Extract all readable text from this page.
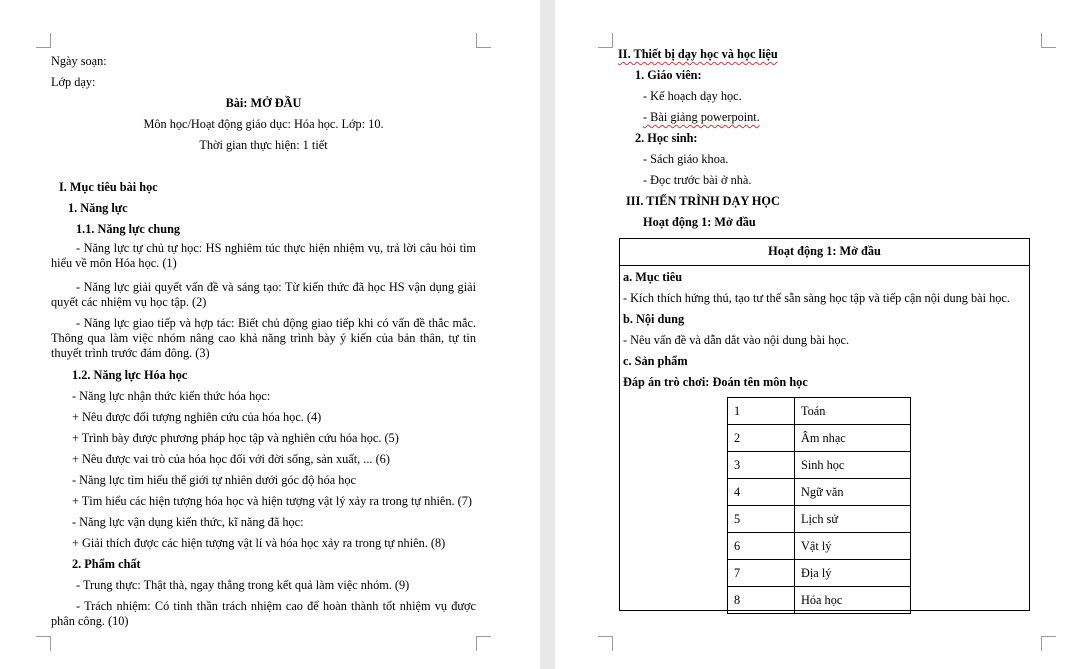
Ngày soạn:
Lớp dạy:
Bài: MỞ ĐẦU
Môn học/Hoạt động giáo dục: Hóa học. Lớp: 10.
Thời gian thực hiện: 1 tiết
I. Mục tiêu bài học
1. Năng lực
1.1. Năng lực chung
- Năng lực tự chủ tự học: HS nghiêm túc thực hiện nhiệm vụ, trả lời câu hỏi tìm hiểu về môn Hóa học. (1)
- Năng lực giải quyết vấn đề và sáng tạo: Từ kiến thức đã học HS vận dụng giải quyết các nhiệm vụ học tập. (2)
- Năng lực giao tiếp và hợp tác: Biết chủ động giao tiếp khi có vấn đề thắc mắc. Thông qua làm việc nhóm nâng cao khả năng trình bày ý kiến của bản thân, tự tin thuyết trình trước đám đông. (3)
1.2. Năng lực Hóa học
- Năng lực nhận thức kiến thức hóa học:
+ Nêu được đối tượng nghiên cứu của hóa học. (4)
+ Trình bày được phương pháp học tập và nghiên cứu hóa học. (5)
+ Nêu được vai trò của hóa học đối với đời sống, sản xuất, ... (6)
- Năng lực tìm hiểu thế giới tự nhiên dưới góc độ hóa học
+ Tìm hiểu các hiện tượng hóa học và hiện tượng vật lý xảy ra trong tự nhiên. (7)
- Năng lực vận dụng kiến thức, kĩ năng đã học:
+ Giải thích được các hiện tượng vật lí và hóa học xảy ra trong tự nhiên. (8)
2. Phẩm chất
- Trung thực: Thật thà, ngay thẳng trong kết quả làm việc nhóm. (9)
- Trách nhiệm: Có tinh thần trách nhiệm cao để hoàn thành tốt nhiệm vụ được phân công. (10)
II. Thiết bị dạy học và học liệu
1. Giáo viên:
- Kế hoạch dạy học.
- Bài giảng powerpoint.
2. Học sinh:
- Sách giáo khoa.
- Đọc trước bài ở nhà.
III. TIẾN TRÌNH DẠY HỌC
Hoạt động 1: Mở đầu
Hoạt động 1: Mở đầu
a. Mục tiêu
- Kích thích hứng thú, tạo tư thế sẵn sàng học tập và tiếp cận nội dung bài học.
b. Nội dung
- Nêu vấn đề và dẫn dắt vào nội dung bài học.
c. Sản phẩm
Đáp án trò chơi: Đoán tên môn học
1	Toán
2	Âm nhạc
3	Sinh học
4	Ngữ văn
5	Lịch sử
6	Vật lý
7	Địa lý
8	Hóa học
